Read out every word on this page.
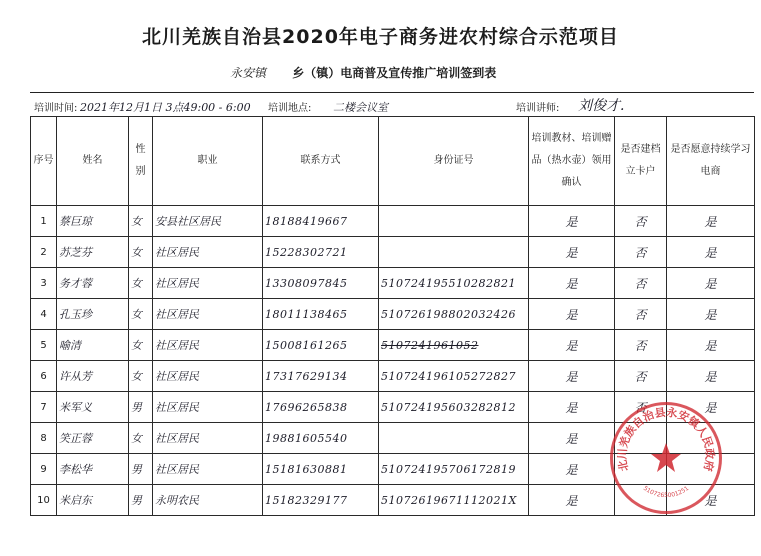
北川羌族自治县2020年电子商务进农村综合示范项目
永安镇 乡（镇）电商普及宣传推广培训签到表
培训时间: 2021年12月1日 3点49:00 - 6:00 培训地点: 二楼会议室	培训讲师: 刘俊才.
序号	姓名	性别	职业	联系方式	身份证号	培训教材、培训赠品（热水壶）领用确认	是否建档立卡户	是否愿意持续学习电商
1	蔡巨琼	女	安县社区居民	18188419667		是	否	是
2	苏芝芬	女	社区居民	15228302721		是	否	是
3	务才蓉	女	社区居民	13308097845	510724195510282821	是	否	是
4	孔玉珍	女	社区居民	18011138465	510726198802032426	是	否	是
5	喻清	女	社区居民	15008161265	5107241961052	是	否	是
6	许从芳	女	社区居民	17317629134	510724196105272827	是	否	是
7	米军义	男	社区居民	17696265838	510724195603282812	是	否	是
8	笑正蓉	女	社区居民	19881605540		是		
9	李松华	男	社区居民	15181630881	510724195706172819	是		
10	米启东	男	永明农民	15182329177	51072619671112021X	是		是
北川羌族自治县永安镇人民政府
5107265001251
